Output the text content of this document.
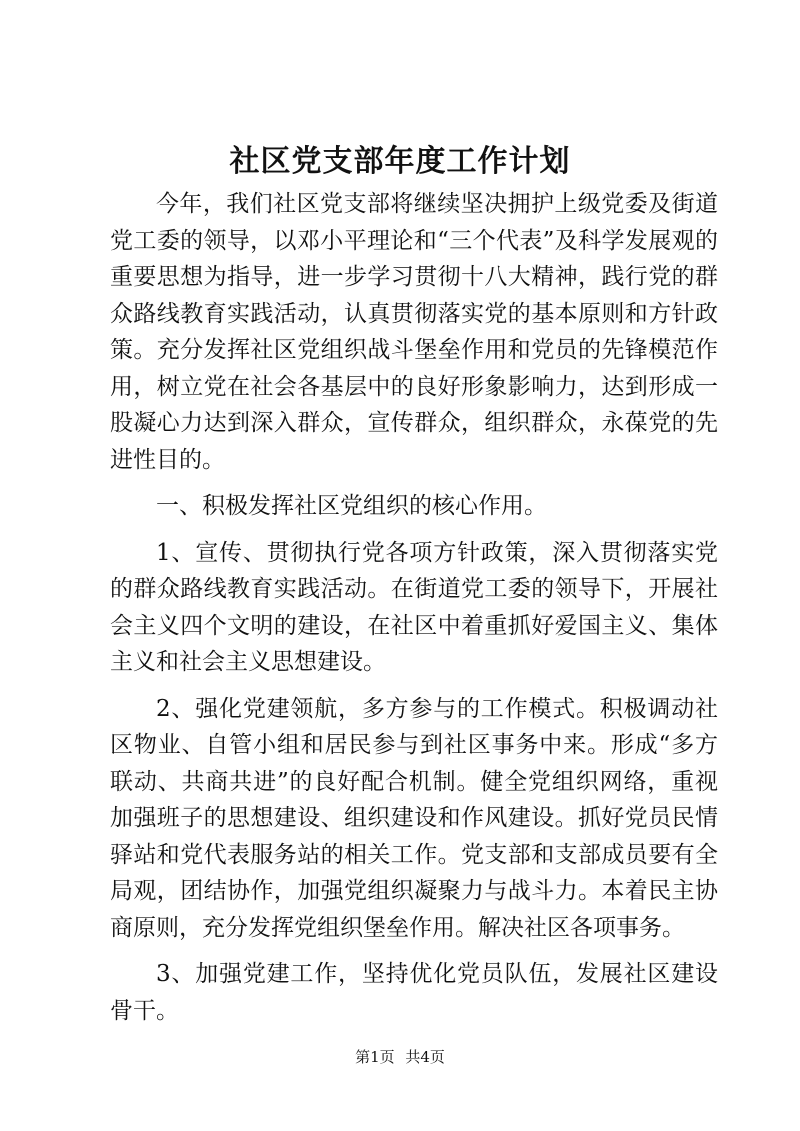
社区党支部年度工作计划

今年，我们社区党支部将继续坚决拥护上级党委及街道党工委的领导，以邓小平理论和“三个代表”及科学发展观的重要思想为指导，进一步学习贯彻十八大精神，践行党的群众路线教育实践活动，认真贯彻落实党的基本原则和方针政策。充分发挥社区党组织战斗堡垒作用和党员的先锋模范作用，树立党在社会各基层中的良好形象影响力，达到形成一股凝心力达到深入群众，宣传群众，组织群众，永葆党的先进性目的。

一、积极发挥社区党组织的核心作用。

1、宣传、贯彻执行党各项方针政策，深入贯彻落实党的群众路线教育实践活动。在街道党工委的领导下，开展社会主义四个文明的建设，在社区中着重抓好爱国主义、集体主义和社会主义思想建设。

2、强化党建领航，多方参与的工作模式。积极调动社区物业、自管小组和居民参与到社区事务中来。形成“多方联动、共商共进”的良好配合机制。健全党组织网络，重视加强班子的思想建设、组织建设和作风建设。抓好党员民情驿站和党代表服务站的相关工作。党支部和支部成员要有全局观，团结协作，加强党组织凝聚力与战斗力。本着民主协商原则，充分发挥党组织堡垒作用。解决社区各项事务。

3、加强党建工作，坚持优化党员队伍，发展社区建设骨干。

第1页 共4页
